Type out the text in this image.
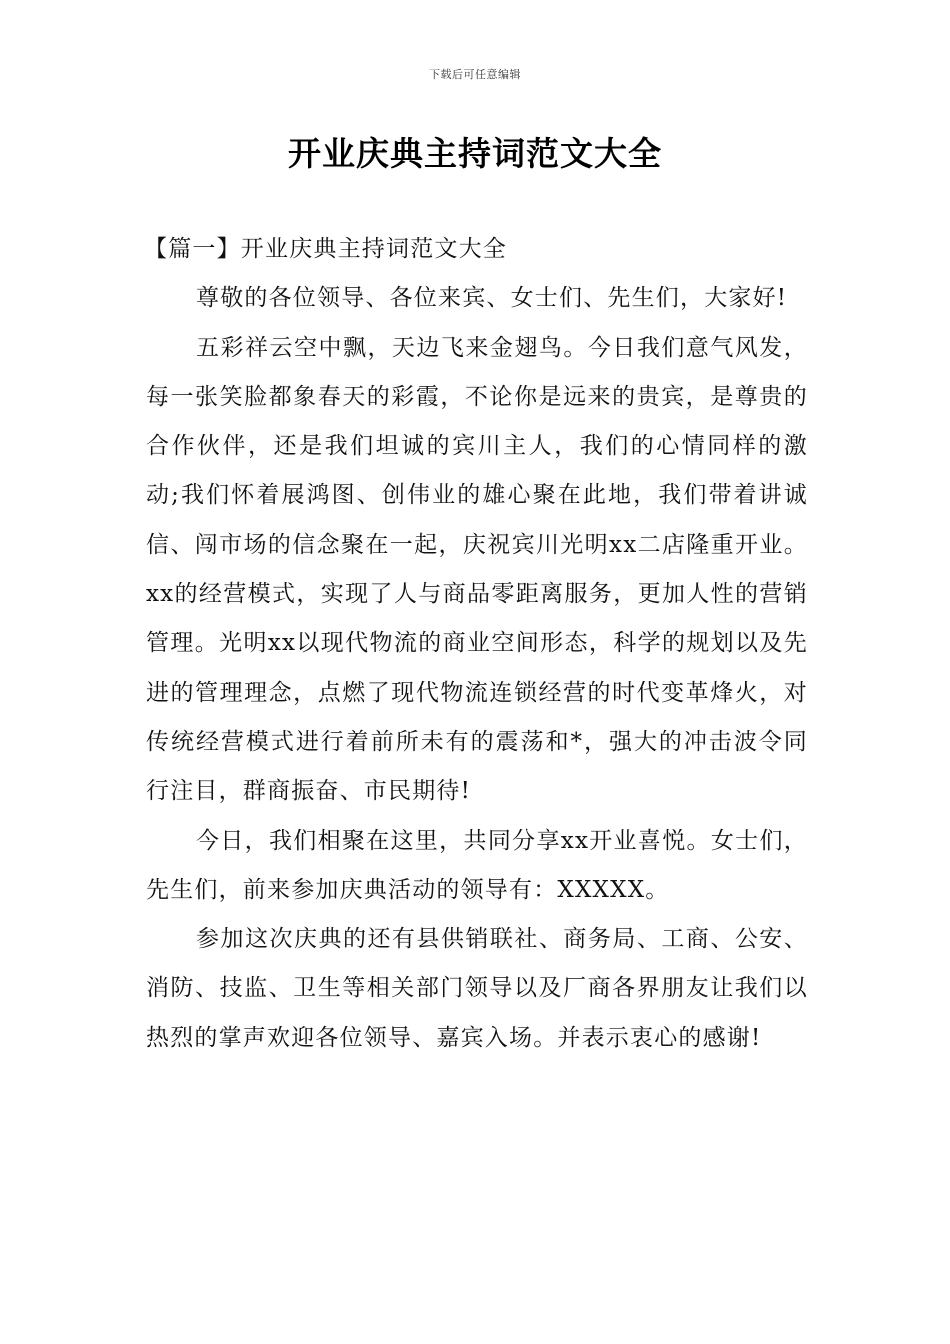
下载后可任意编辑
开业庆典主持词范文大全

【篇一】开业庆典主持词范文大全

尊敬的各位领导、各位来宾、女士们、先生们，大家好!

五彩祥云空中飘，天边飞来金翅鸟。今日我们意气风发，每一张笑脸都象春天的彩霞，不论你是远来的贵宾，是尊贵的合作伙伴，还是我们坦诚的宾川主人，我们的心情同样的激动;我们怀着展鸿图、创伟业的雄心聚在此地，我们带着讲诚信、闯市场的信念聚在一起，庆祝宾川光明xx二店隆重开业。xx的经营模式，实现了人与商品零距离服务，更加人性的营销管理。光明xx以现代物流的商业空间形态，科学的规划以及先进的管理理念，点燃了现代物流连锁经营的时代变革烽火，对传统经营模式进行着前所未有的震荡和*，强大的冲击波令同行注目，群商振奋、市民期待!

今日，我们相聚在这里，共同分享xx开业喜悦。女士们，先生们，前来参加庆典活动的领导有：XXXXX。

参加这次庆典的还有县供销联社、商务局、工商、公安、消防、技监、卫生等相关部门领导以及厂商各界朋友让我们以热烈的掌声欢迎各位领导、嘉宾入场。并表示衷心的感谢!
